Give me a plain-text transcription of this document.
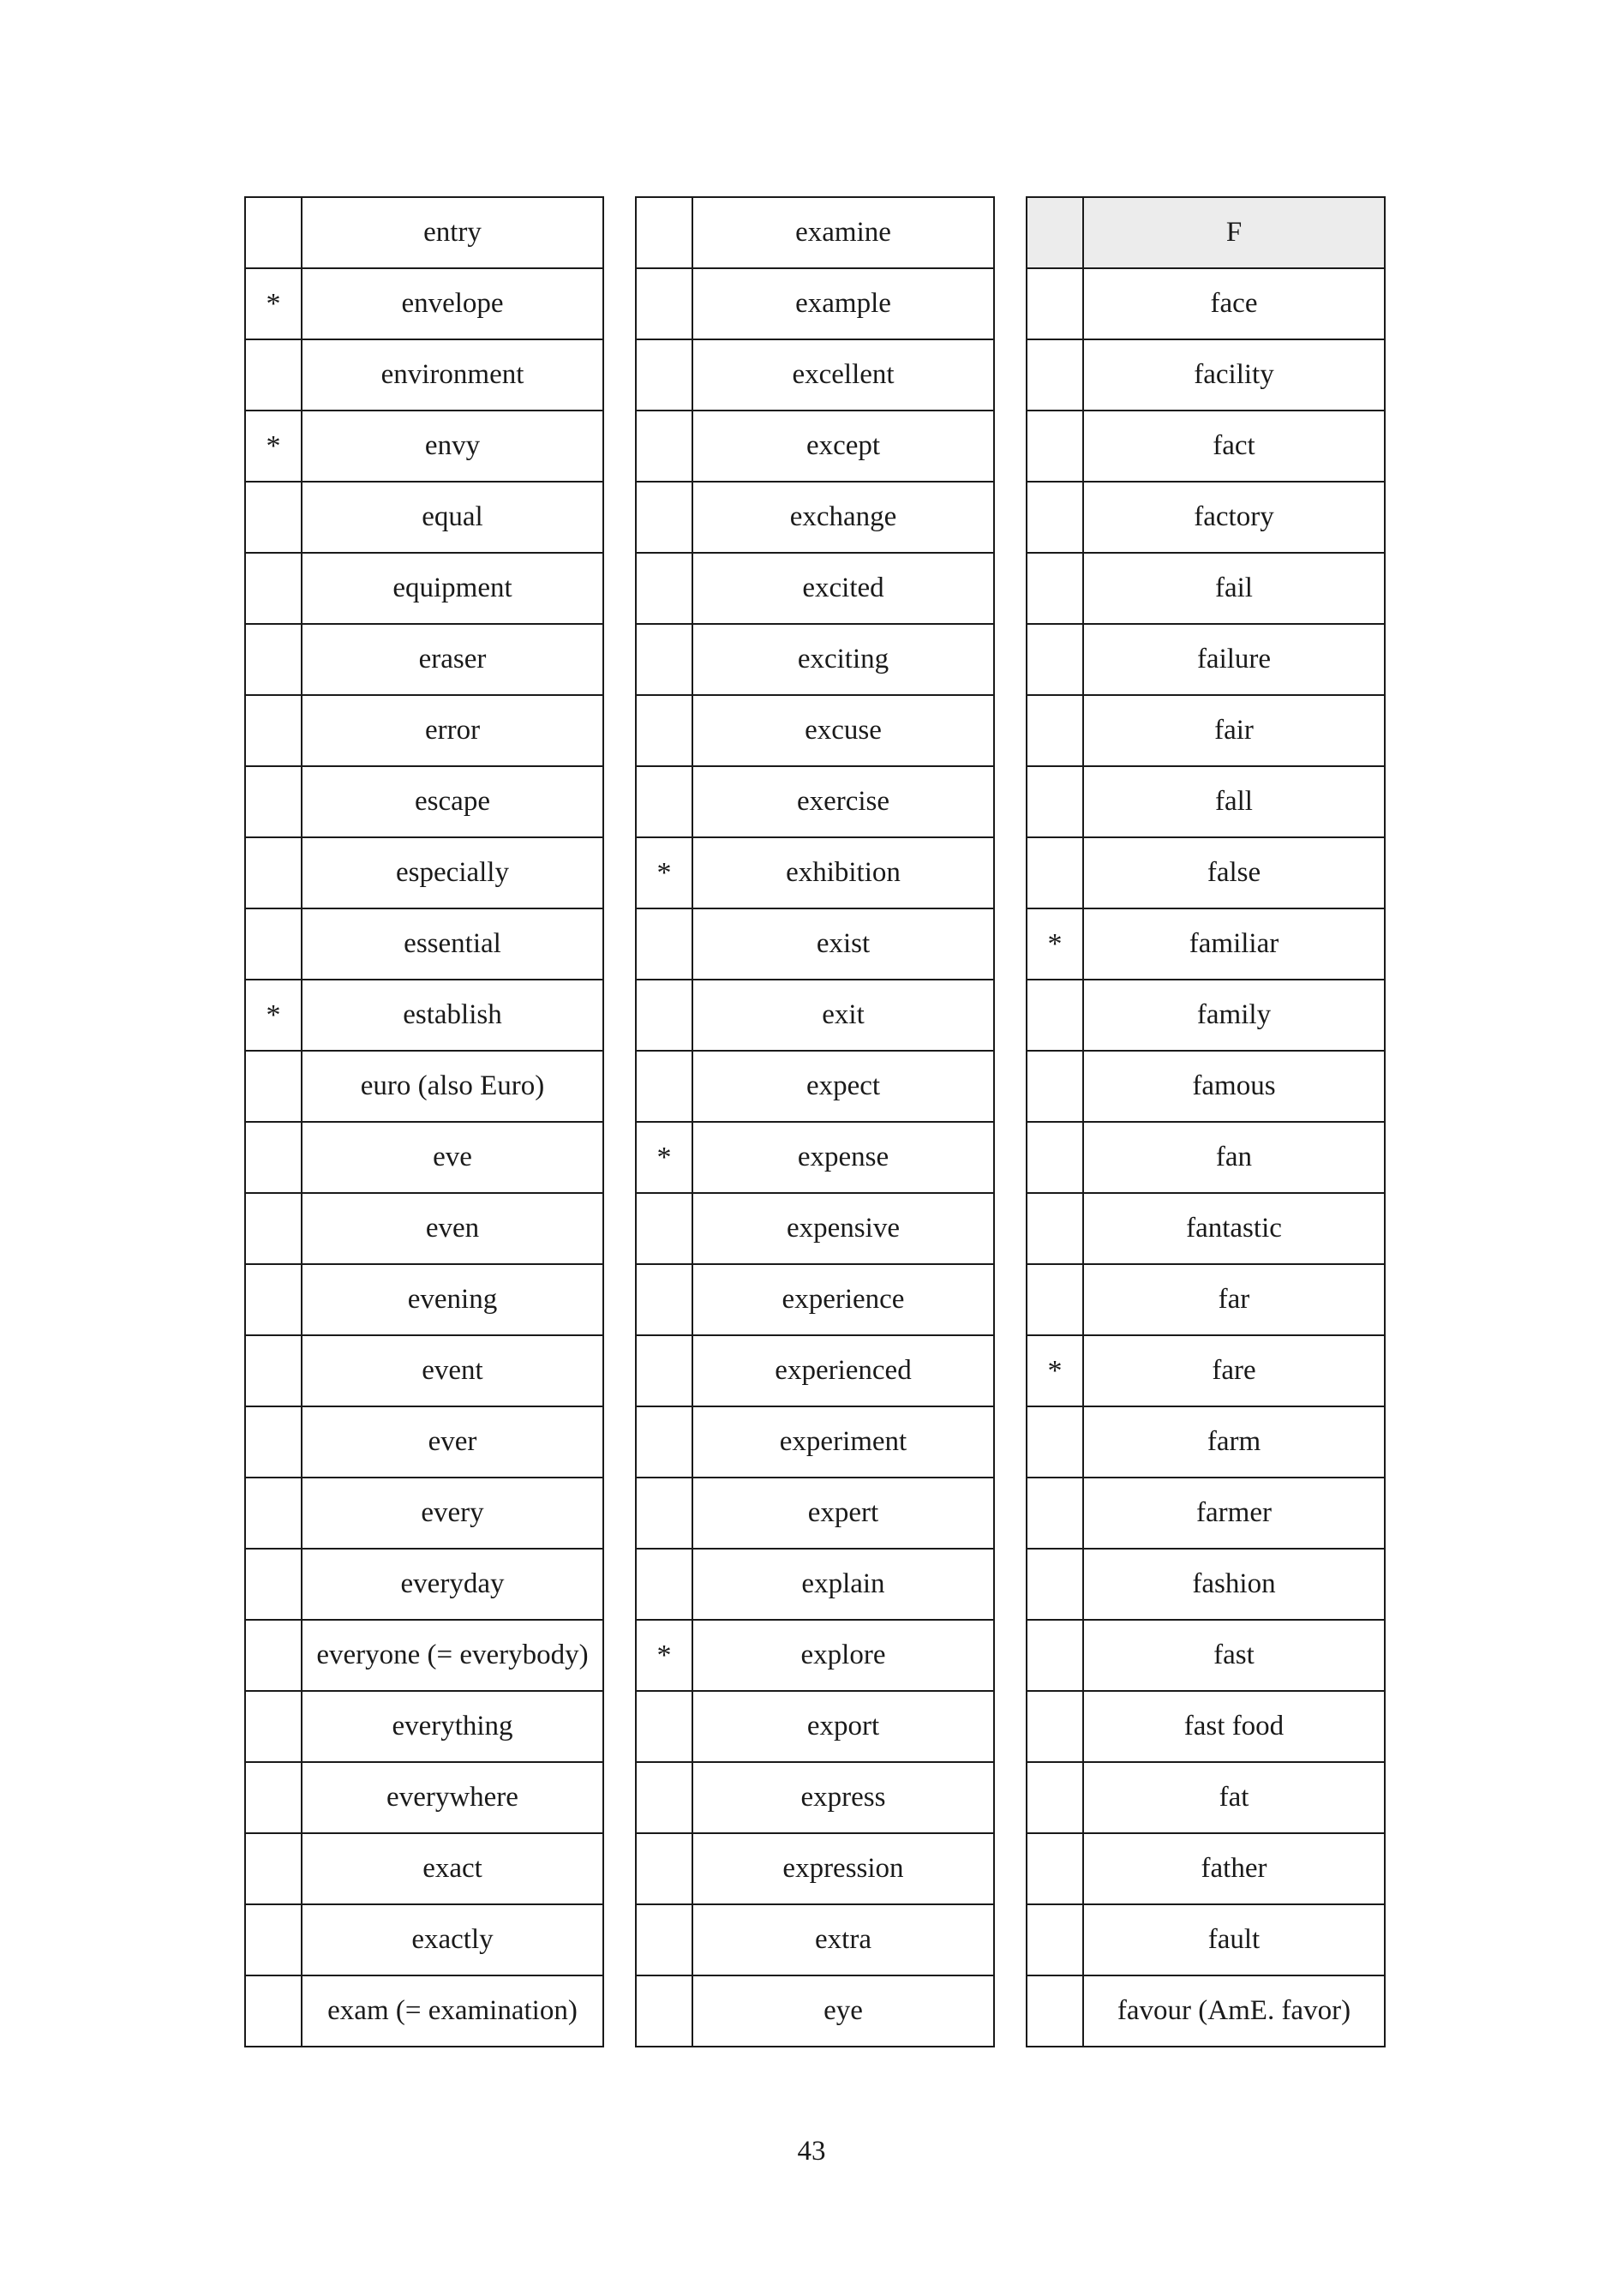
	entry
*	envelope
	environment
*	envy
	equal
	equipment
	eraser
	error
	escape
	especially
	essential
*	establish
	euro (also Euro)
	eve
	even
	evening
	event
	ever
	every
	everyday
	everyone (= everybody)
	everything
	everywhere
	exact
	exactly
	exam (= examination)
	examine
	example
	excellent
	except
	exchange
	excited
	exciting
	excuse
	exercise
*	exhibition
	exist
	exit
	expect
*	expense
	expensive
	experience
	experienced
	experiment
	expert
	explain
*	explore
	export
	express
	expression
	extra
	eye
	F
	face
	facility
	fact
	factory
	fail
	failure
	fair
	fall
	false
*	familiar
	family
	famous
	fan
	fantastic
	far
*	fare
	farm
	farmer
	fashion
	fast
	fast food
	fat
	father
	fault
	favour (AmE. favor)
43
